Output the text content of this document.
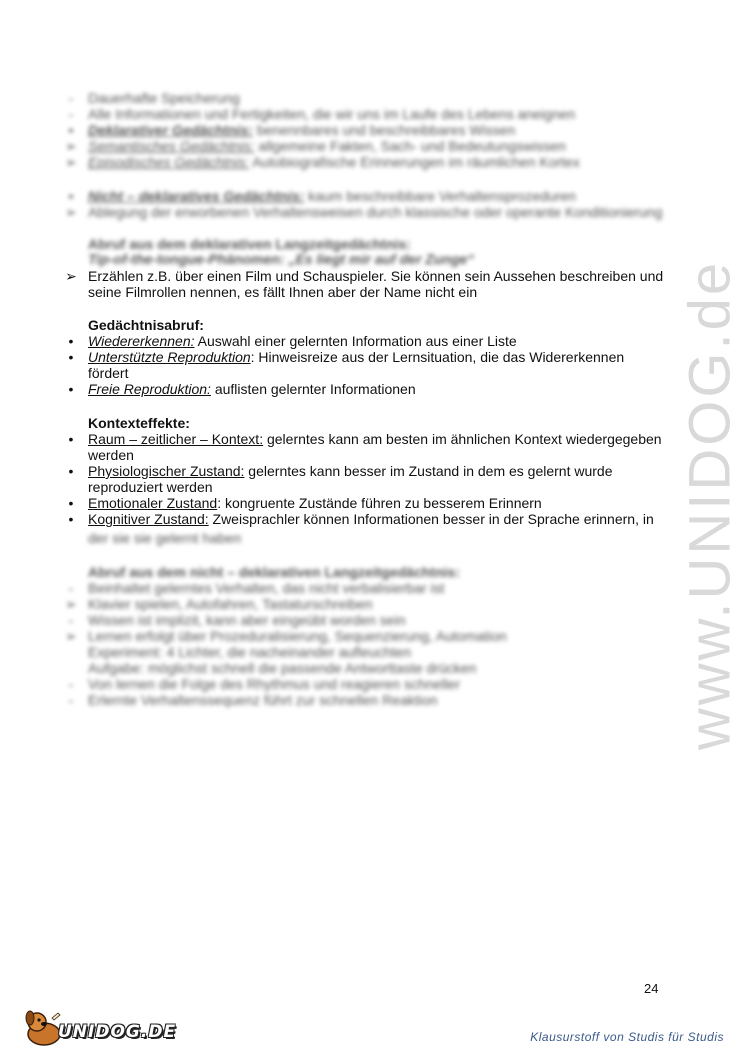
www.UNIDOG.de
-	Dauerhafte Speicherung
-	Alle Informationen und Fertigkeiten, die wir uns im Laufe des Lebens aneignen
•	Deklarativer Gedächtnis: benennbares und beschreibbares Wissen
➢ Semantisches Gedächtnis: allgemeine Fakten, Sach- und Bedeutungswissen
➢ Episodisches Gedächtnis: Autobiografische Erinnerungen im räumlichen Kortex
•	Nicht – deklaratives Gedächtnis: kaum beschreibbare Verhaltensprozeduren
➢ Ablegung der erworbenen Verhaltensweisen durch klassische oder operante Konditionierung
Abruf aus dem deklarativen Langzeitgedächtnis:
Tip-of-the-tongue-Phänomen: „Es liegt mir auf der Zunge“
➢ Erzählen z.B. über einen Film und Schauspieler. Sie können sein Aussehen beschreiben und
seine Filmrollen nennen, es fällt Ihnen aber der Name nicht ein
Gedächtnisabruf:
•	Wiedererkennen: Auswahl einer gelernten Information aus einer Liste
•	Unterstützte Reproduktion: Hinweisreize aus der Lernsituation, die das Widererkennen
fördert
•	Freie Reproduktion: auflisten gelernter Informationen
Kontexteffekte:
•	Raum – zeitlicher – Kontext: gelerntes kann am besten im ähnlichen Kontext wiedergegeben
werden
•	Physiologischer Zustand: gelerntes kann besser im Zustand in dem es gelernt wurde
reproduziert werden
•	Emotionaler Zustand: kongruente Zustände führen zu besserem Erinnern
•	Kognitiver Zustand: Zweisprachler können Informationen besser in der Sprache erinnern, in
der sie sie gelernt haben
Abruf aus dem nicht – deklarativen Langzeitgedächtnis:
-	Beinhaltet gelerntes Verhalten, das nicht verbalisierbar ist
➢ Klavier spielen, Autofahren, Tastaturschreiben
-	Wissen ist implizit, kann aber eingeübt worden sein
➢ Lernen erfolgt über Prozeduralisierung, Sequenzierung, Automation
Experiment: 4 Lichter, die nacheinander aufleuchten
Aufgabe: möglichst schnell die passende Antworttaste drücken
-	Von lernen die Folge des Rhythmus und reagieren schneller
-	Erlernte Verhaltenssequenz führt zur schnellen Reaktion
24
UNIDOG.DE	Klausurstoff von Studis für Studis
